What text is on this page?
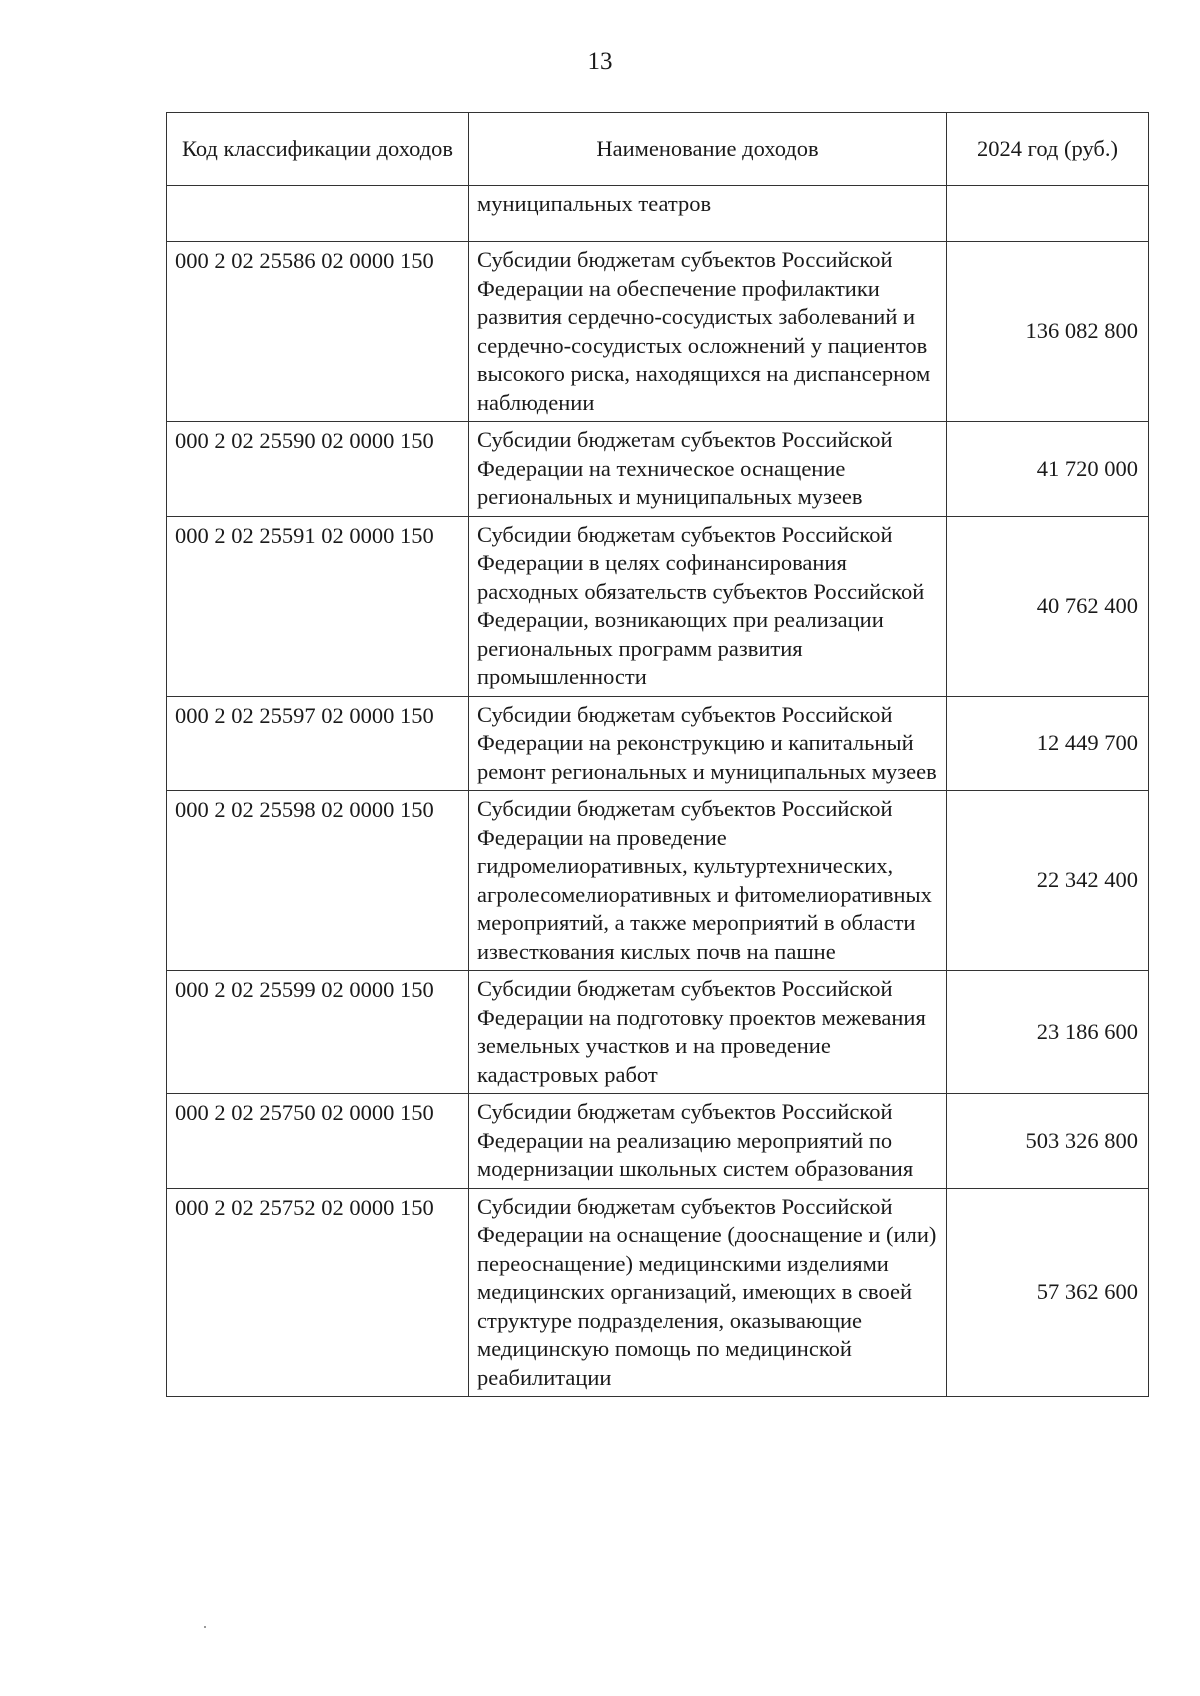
13
Код классификации доходов	Наименование доходов	2024 год (руб.)
	муниципальных театров	
000 2 02 25586 02 0000 150	Субсидии бюджетам субъектов Российской Федерации на обеспечение профилактики развития сердечно-сосудистых заболеваний и сердечно-сосудистых осложнений у пациентов высокого риска, находящихся на диспансерном наблюдении	136 082 800
000 2 02 25590 02 0000 150	Субсидии бюджетам субъектов Российской Федерации на техническое оснащение региональных и муниципальных музеев	41 720 000
000 2 02 25591 02 0000 150	Субсидии бюджетам субъектов Российской Федерации в целях софинансирования расходных обязательств субъектов Российской Федерации, возникающих при реализации региональных программ развития промышленности	40 762 400
000 2 02 25597 02 0000 150	Субсидии бюджетам субъектов Российской Федерации на реконструкцию и капитальный ремонт региональных и муниципальных музеев	12 449 700
000 2 02 25598 02 0000 150	Субсидии бюджетам субъектов Российской Федерации на проведение гидромелиоративных, культуртехнических, агролесомелиоративных и фитомелиоративных мероприятий, а также мероприятий в области известкования кислых почв на пашне	22 342 400
000 2 02 25599 02 0000 150	Субсидии бюджетам субъектов Российской Федерации на подготовку проектов межевания земельных участков и на проведение кадастровых работ	23 186 600
000 2 02 25750 02 0000 150	Субсидии бюджетам субъектов Российской Федерации на реализацию мероприятий по модернизации школьных систем образования	503 326 800
000 2 02 25752 02 0000 150	Субсидии бюджетам субъектов Российской Федерации на оснащение (дооснащение и (или) переоснащение) медицинскими изделиями медицинских организаций, имеющих в своей структуре подразделения, оказывающие медицинскую помощь по медицинской реабилитации	57 362 600
